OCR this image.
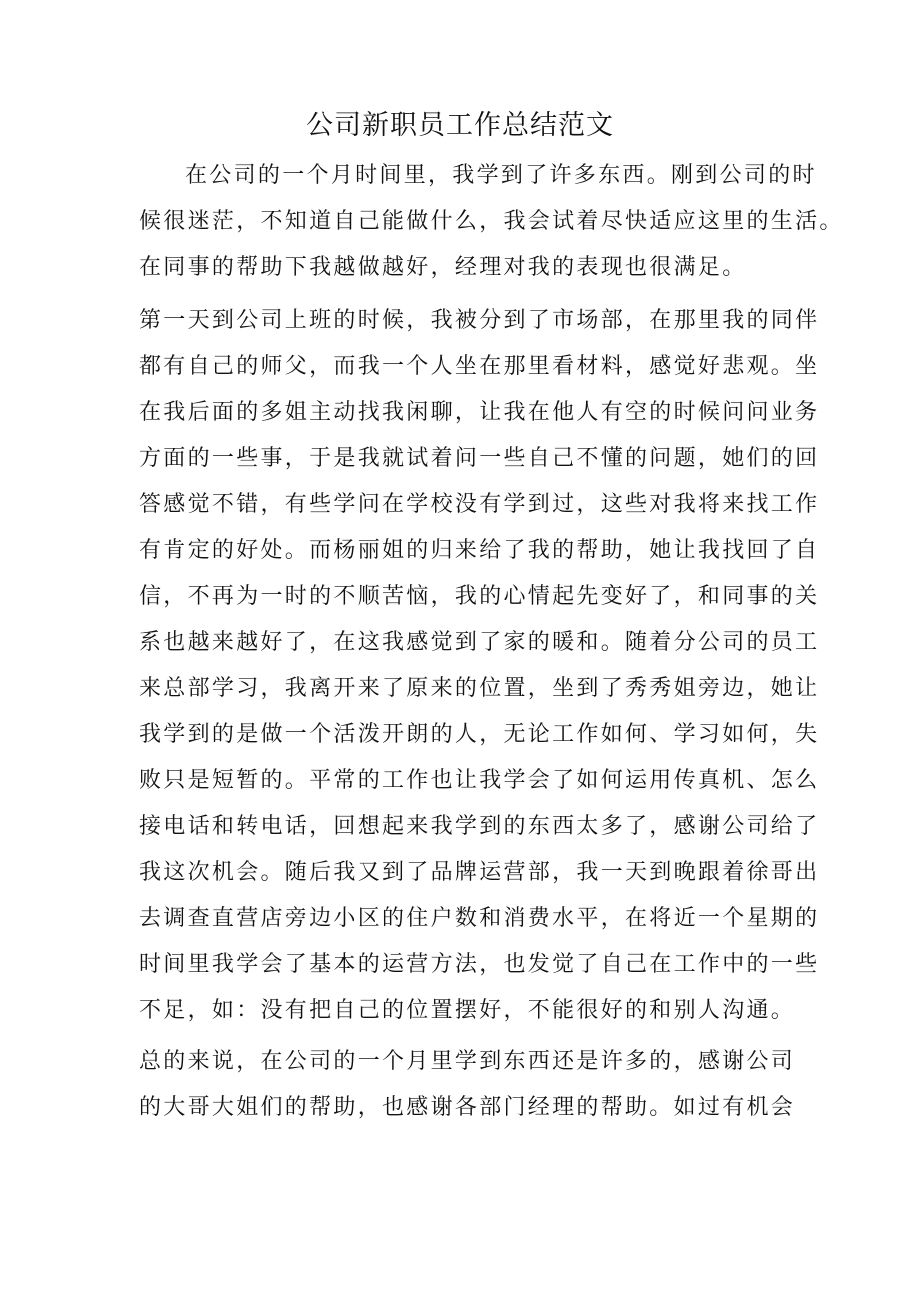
公司新职员工作总结范文

在公司的一个月时间里，我学到了许多东西。刚到公司的时

候很迷茫，不知道自己能做什么，我会试着尽快适应这里的生活。

在同事的帮助下我越做越好，经理对我的表现也很满足。

第一天到公司上班的时候，我被分到了市场部，在那里我的同伴

都有自己的师父，而我一个人坐在那里看材料，感觉好悲观。坐

在我后面的多姐主动找我闲聊，让我在他人有空的时候问问业务

方面的一些事，于是我就试着问一些自己不懂的问题，她们的回

答感觉不错，有些学问在学校没有学到过，这些对我将来找工作

有肯定的好处。而杨丽姐的归来给了我的帮助，她让我找回了自

信，不再为一时的不顺苦恼，我的心情起先变好了，和同事的关

系也越来越好了，在这我感觉到了家的暖和。随着分公司的员工

来总部学习，我离开来了原来的位置，坐到了秀秀姐旁边，她让

我学到的是做一个活泼开朗的人，无论工作如何、学习如何，失

败只是短暂的。平常的工作也让我学会了如何运用传真机、怎么

接电话和转电话，回想起来我学到的东西太多了，感谢公司给了

我这次机会。随后我又到了品牌运营部，我一天到晚跟着徐哥出

去调查直营店旁边小区的住户数和消费水平，在将近一个星期的

时间里我学会了基本的运营方法，也发觉了自己在工作中的一些

不足，如：没有把自己的位置摆好，不能很好的和别人沟通。

总的来说，在公司的一个月里学到东西还是许多的，感谢公司

的大哥大姐们的帮助，也感谢各部门经理的帮助。如过有机会
